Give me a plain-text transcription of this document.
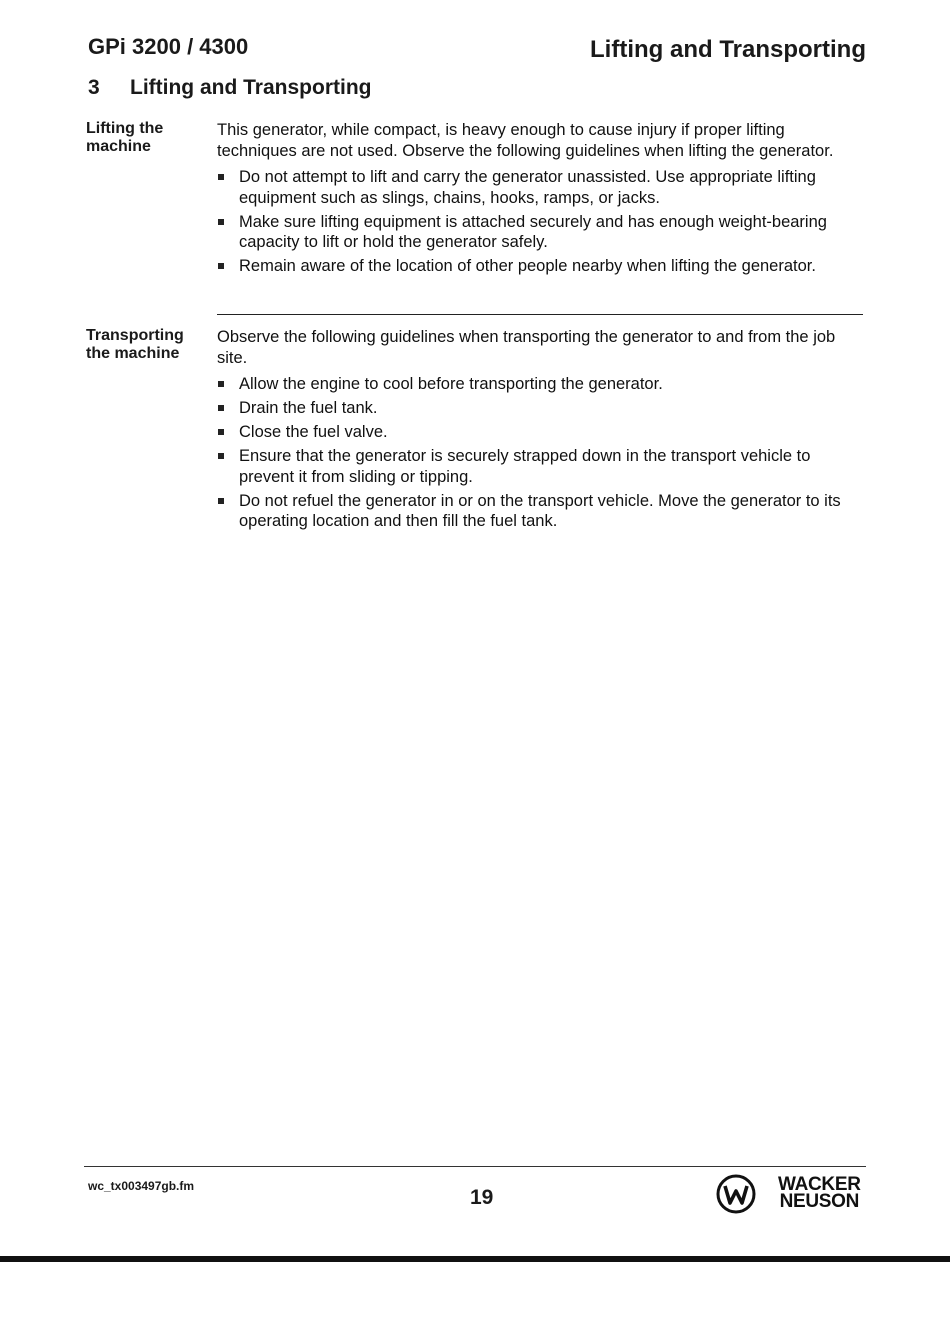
GPi 3200 / 4300	Lifting and Transporting
3 Lifting and Transporting
Lifting the
machine

This generator, while compact, is heavy enough to cause injury if proper lifting techniques are not used. Observe the following guidelines when lifting the generator.

Do not attempt to lift and carry the generator unassisted. Use appropriate lifting equipment such as slings, chains, hooks, ramps, or jacks.
Make sure lifting equipment is attached securely and has enough weight-bearing capacity to lift or hold the generator safely.
Remain aware of the location of other people nearby when lifting the generator.
Transporting
the machine

Observe the following guidelines when transporting the generator to and from the job site.

Allow the engine to cool before transporting the generator.
Drain the fuel tank.
Close the fuel valve.
Ensure that the generator is securely strapped down in the transport vehicle to prevent it from sliding or tipping.
Do not refuel the generator in or on the transport vehicle. Move the generator to its operating location and then fill the fuel tank.
wc_tx003497gb.fm	19
WACKER
NEUSON
